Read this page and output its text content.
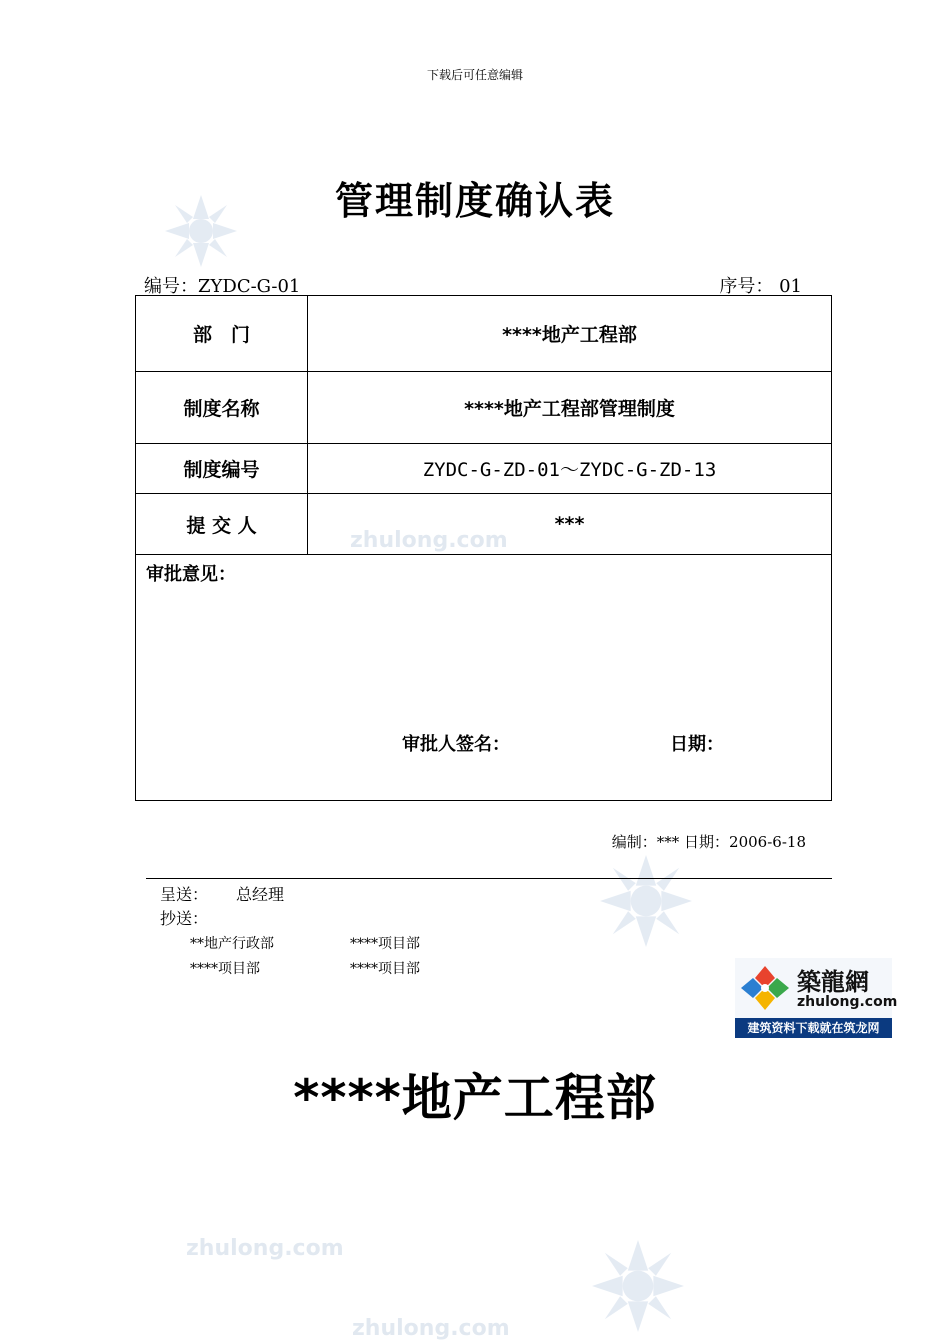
zhulong.com
zhulong.com
zhulong.com
下载后可任意编辑
管理制度确认表
编号：ZYDC-G-01	序号： 01
部　门	****地产工程部
制度名称	****地产工程部管理制度
制度编号	ZYDC-G-ZD-01～ZYDC-G-ZD-13
提 交 人	***
审批意见：
审批人签名：	日期：
编制：*** 日期：2006-6-18
呈送： 总经理
抄送：
**地产行政部	****项目部
****项目部	****项目部	築龍網
zhulong.com
建筑资料下载就在筑龙网
****地产工程部
